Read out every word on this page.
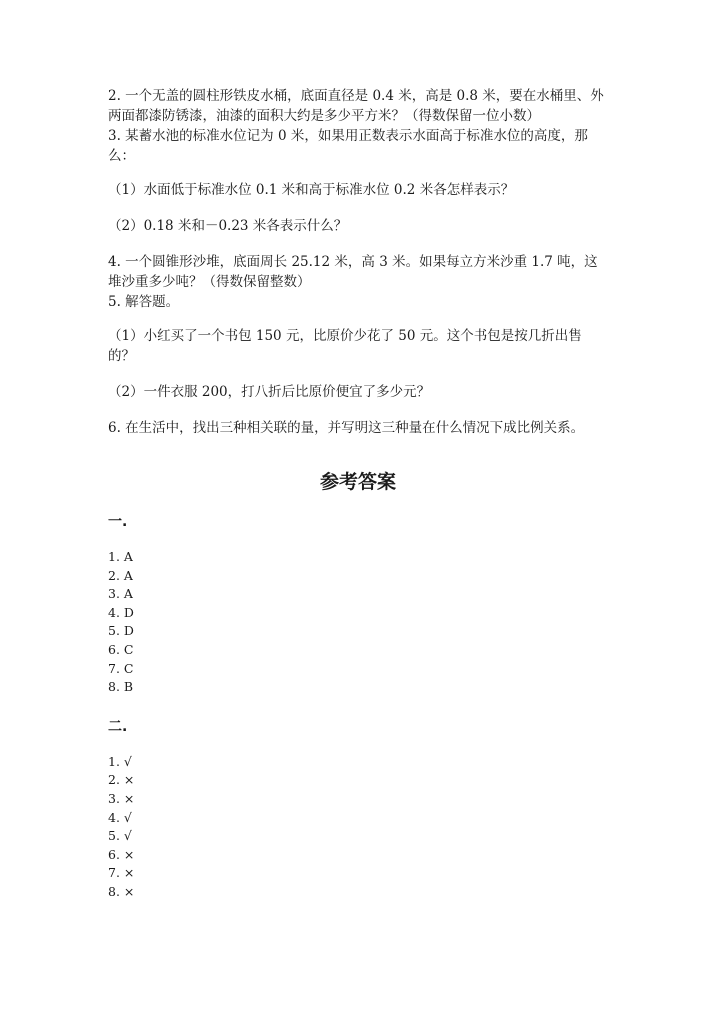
2. 一个无盖的圆柱形铁皮水桶，底面直径是 0.4 米，高是 0.8 米，要在水桶里、外两面都漆防锈漆，油漆的面积大约是多少平方米？（得数保留一位小数）

3. 某蓄水池的标准水位记为 0 米，如果用正数表示水面高于标准水位的高度，那么：

（1）水面低于标准水位 0.1 米和高于标准水位 0.2 米各怎样表示？

（2）0.18 米和－0.23 米各表示什么？

4. 一个圆锥形沙堆，底面周长 25.12 米，高 3 米。如果每立方米沙重 1.7 吨，这堆沙重多少吨？（得数保留整数）

5. 解答题。

（1）小红买了一个书包 150 元，比原价少花了 50 元。这个书包是按几折出售的？

（2）一件衣服 200，打八折后比原价便宜了多少元？

6. 在生活中，找出三种相关联的量，并写明这三种量在什么情况下成比例关系。

参考答案

一.

1. A
2. A
3. A
4. D
5. D
6. C
7. C
8. B

二.

1. √
2. ×
3. ×
4. √
5. √
6. ×
7. ×
8. ×
